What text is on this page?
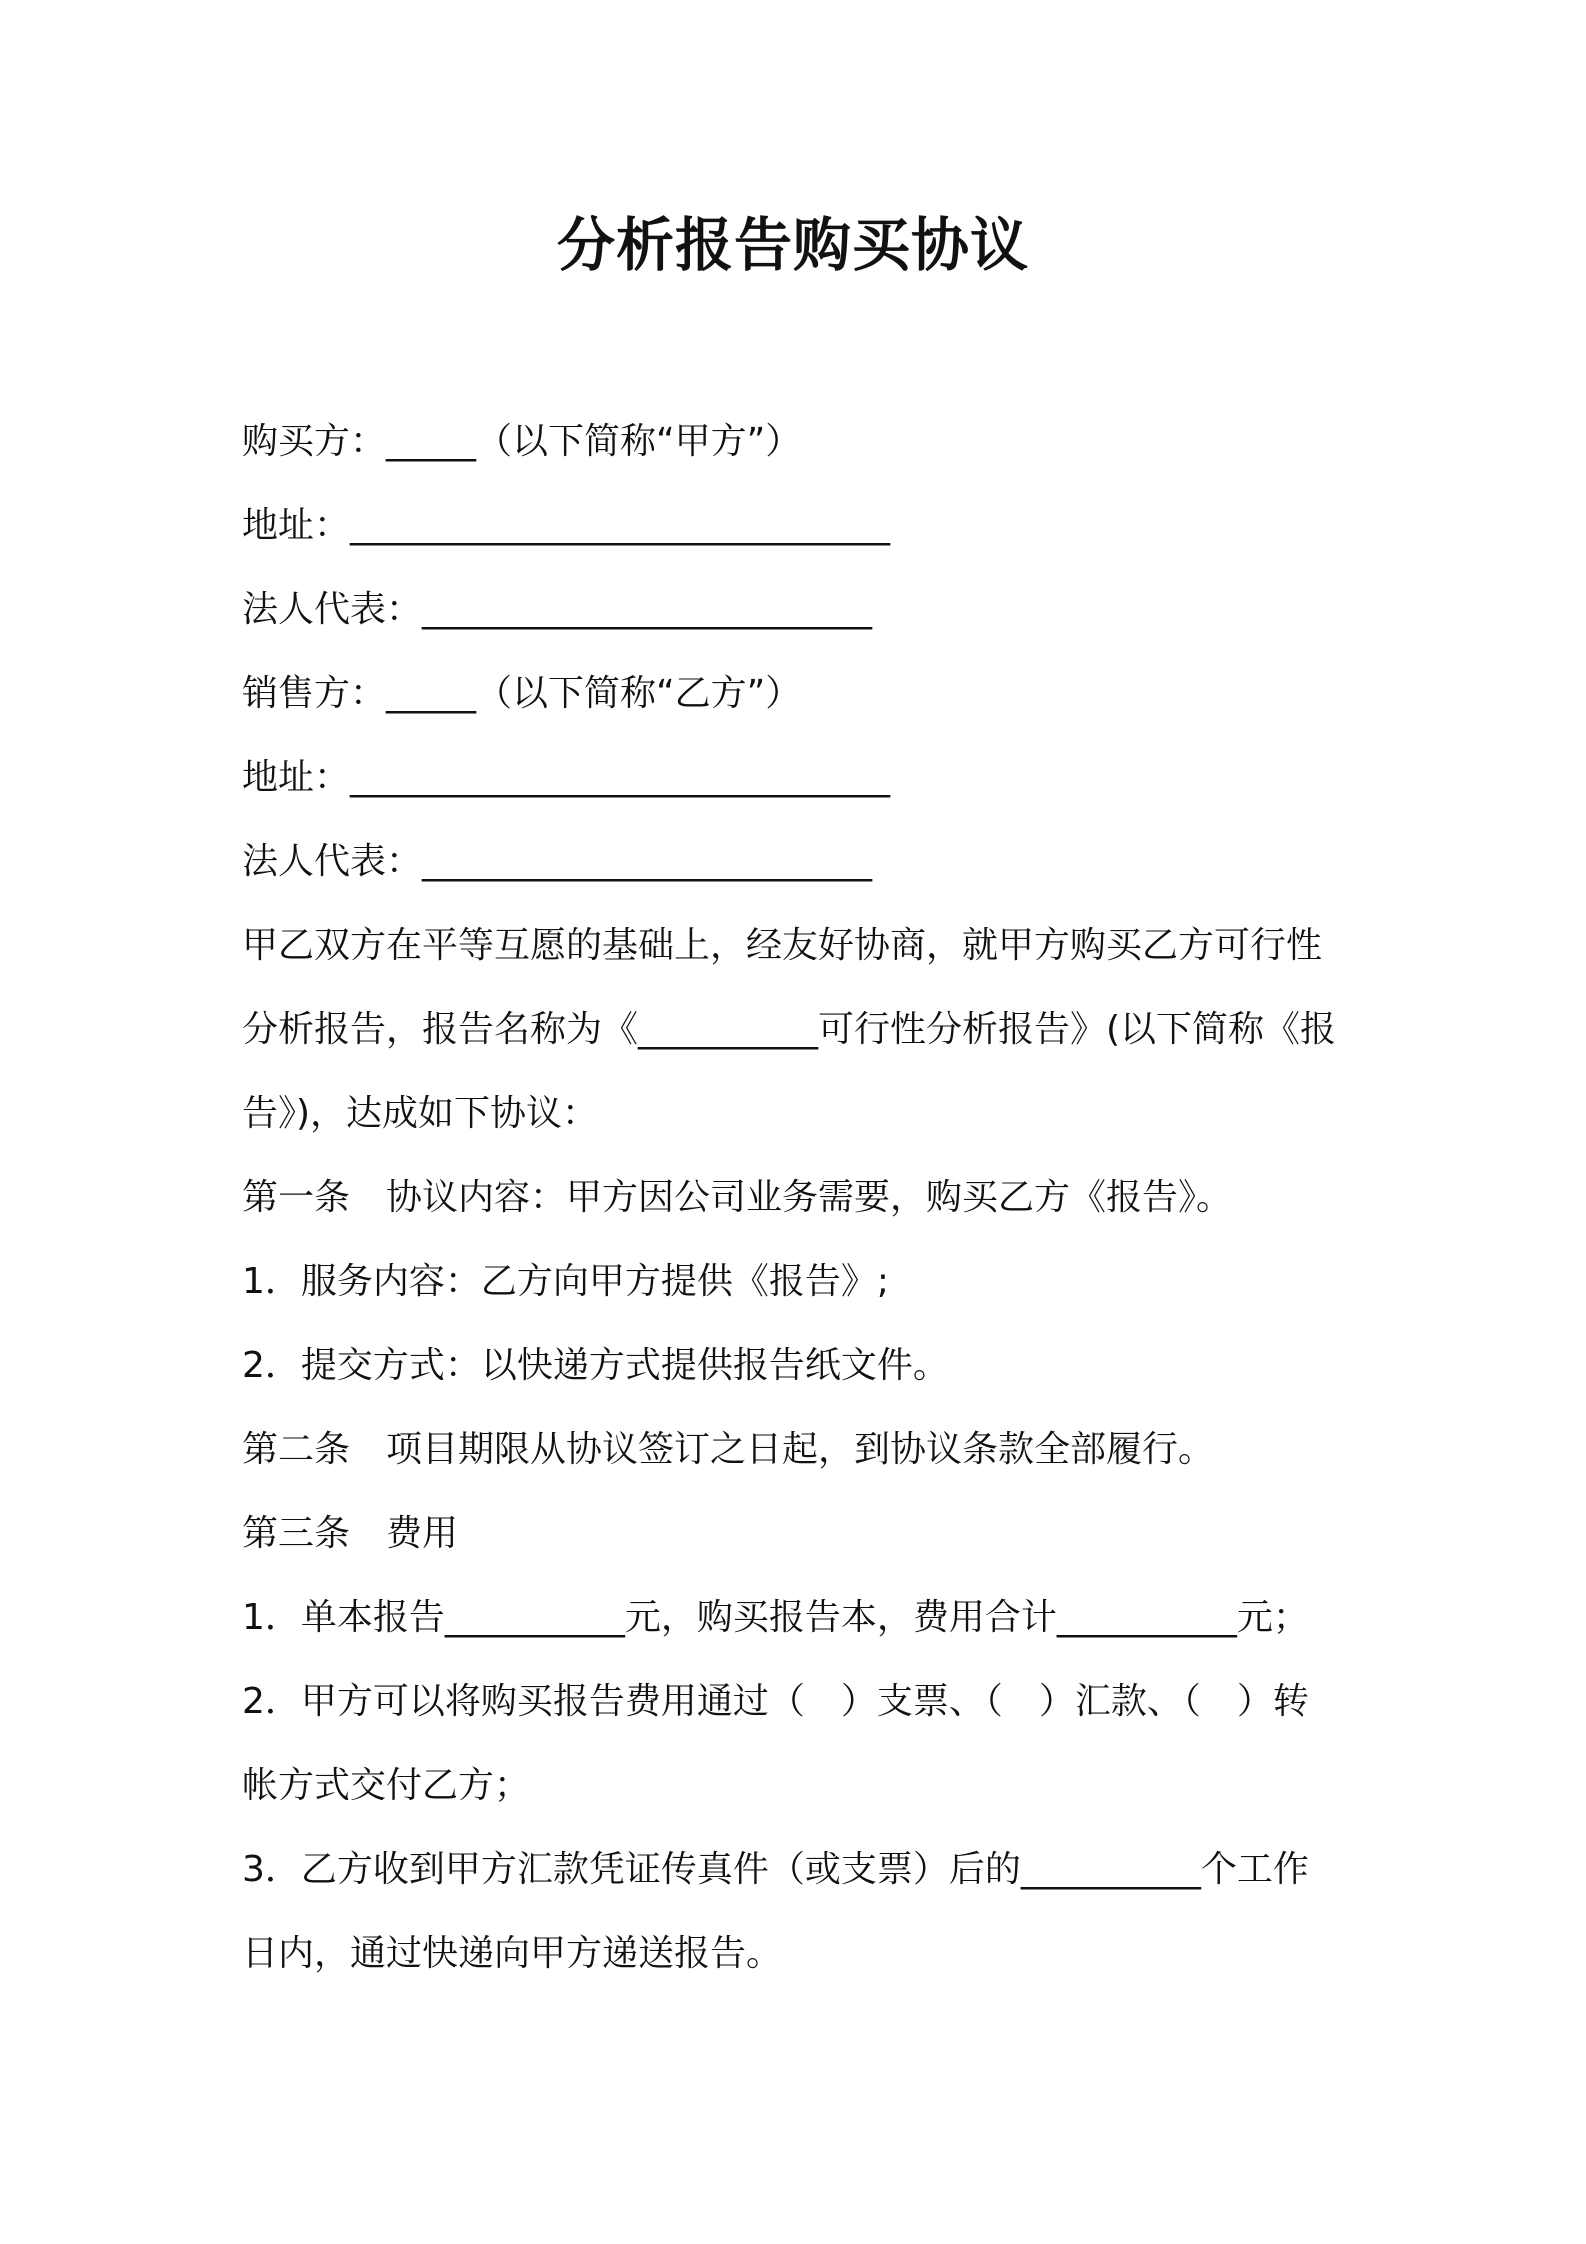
分析报告购买协议
购买方：_____（以下简称“甲方”）
地址：______________________________
法人代表：_________________________
销售方：_____（以下简称“乙方”）
地址：______________________________
法人代表：_________________________
甲乙双方在平等互愿的基础上，经友好协商，就甲方购买乙方可行性
分析报告，报告名称为《__________可行性分析报告》(以下简称《报
告》)，达成如下协议：
第一条　协议内容：甲方因公司业务需要，购买乙方《报告》。
1．服务内容：乙方向甲方提供《报告》;
2．提交方式：以快递方式提供报告纸文件。
第二条　项目期限从协议签订之日起，到协议条款全部履行。
第三条　费用
1．单本报告__________元，购买报告本，费用合计__________元；
2．甲方可以将购买报告费用通过（　）支票、（　）汇款、（　）转
帐方式交付乙方；
3．乙方收到甲方汇款凭证传真件（或支票）后的__________个工作
日内，通过快递向甲方递送报告。
